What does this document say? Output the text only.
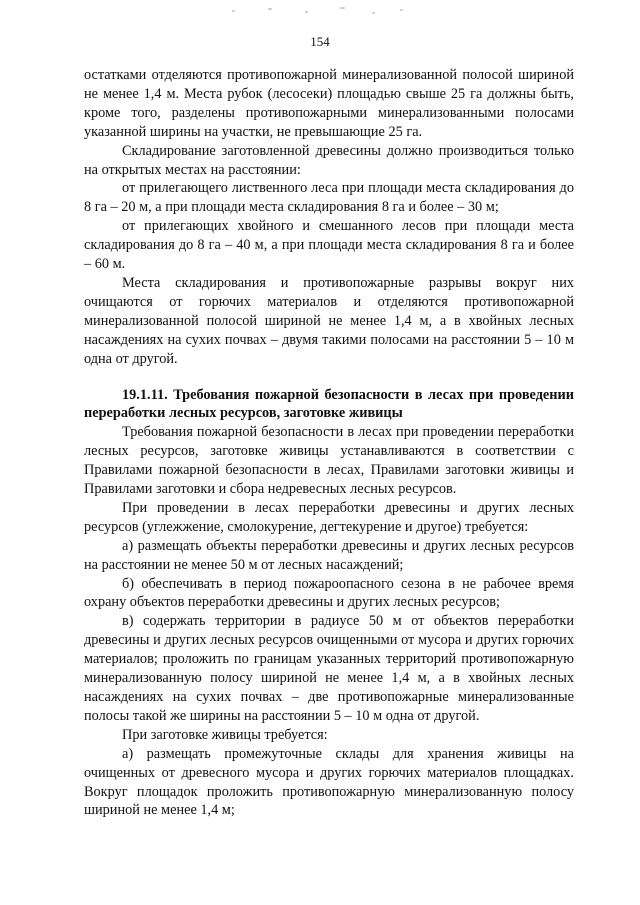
154

остатками отделяются противопожарной минерализованной полосой шириной не менее 1,4 м. Места рубок (лесосеки) площадью свыше 25 га должны быть, кроме того, разделены противопожарными минерализованными полосами указанной ширины на участки, не превышающие 25 га.

Складирование заготовленной древесины должно производиться только на открытых местах на расстоянии:

от прилегающего лиственного леса при площади места складирования до 8 га – 20 м, а при площади места складирования 8 га и более – 30 м;

от прилегающих хвойного и смешанного лесов при площади места складирования до 8 га – 40 м, а при площади места складирования 8 га и более – 60 м.

Места складирования и противопожарные разрывы вокруг них очищаются от горючих материалов и отделяются противопожарной минерализованной полосой шириной не менее 1,4 м, а в хвойных лесных насаждениях на сухих почвах – двумя такими полосами на расстоянии 5 – 10 м одна от другой.

19.1.11. Требования пожарной безопасности в лесах при проведении переработки лесных ресурсов, заготовке живицы

Требования пожарной безопасности в лесах при проведении переработки лесных ресурсов, заготовке живицы устанавливаются в соответствии с Правилами пожарной безопасности в лесах, Правилами заготовки живицы и Правилами заготовки и сбора недревесных лесных ресурсов.

При проведении в лесах переработки древесины и других лесных ресурсов (углежжение, смолокурение, дегтекурение и другое) требуется:

а) размещать объекты переработки древесины и других лесных ресурсов на расстоянии не менее 50 м от лесных насаждений;

б) обеспечивать в период пожароопасного сезона в не рабочее время охрану объектов переработки древесины и других лесных ресурсов;

в) содержать территории в радиусе 50 м от объектов переработки древесины и других лесных ресурсов очищенными от мусора и других горючих материалов; проложить по границам указанных территорий противопожарную минерализованную полосу шириной не менее 1,4 м, а в хвойных лесных насаждениях на сухих почвах – две противопожарные минерализованные полосы такой же ширины на расстоянии 5 – 10 м одна от другой.

При заготовке живицы требуется:

а) размещать промежуточные склады для хранения живицы на очищенных от древесного мусора и других горючих материалов площадках. Вокруг площадок проложить противопожарную минерализованную полосу шириной не менее 1,4 м;
